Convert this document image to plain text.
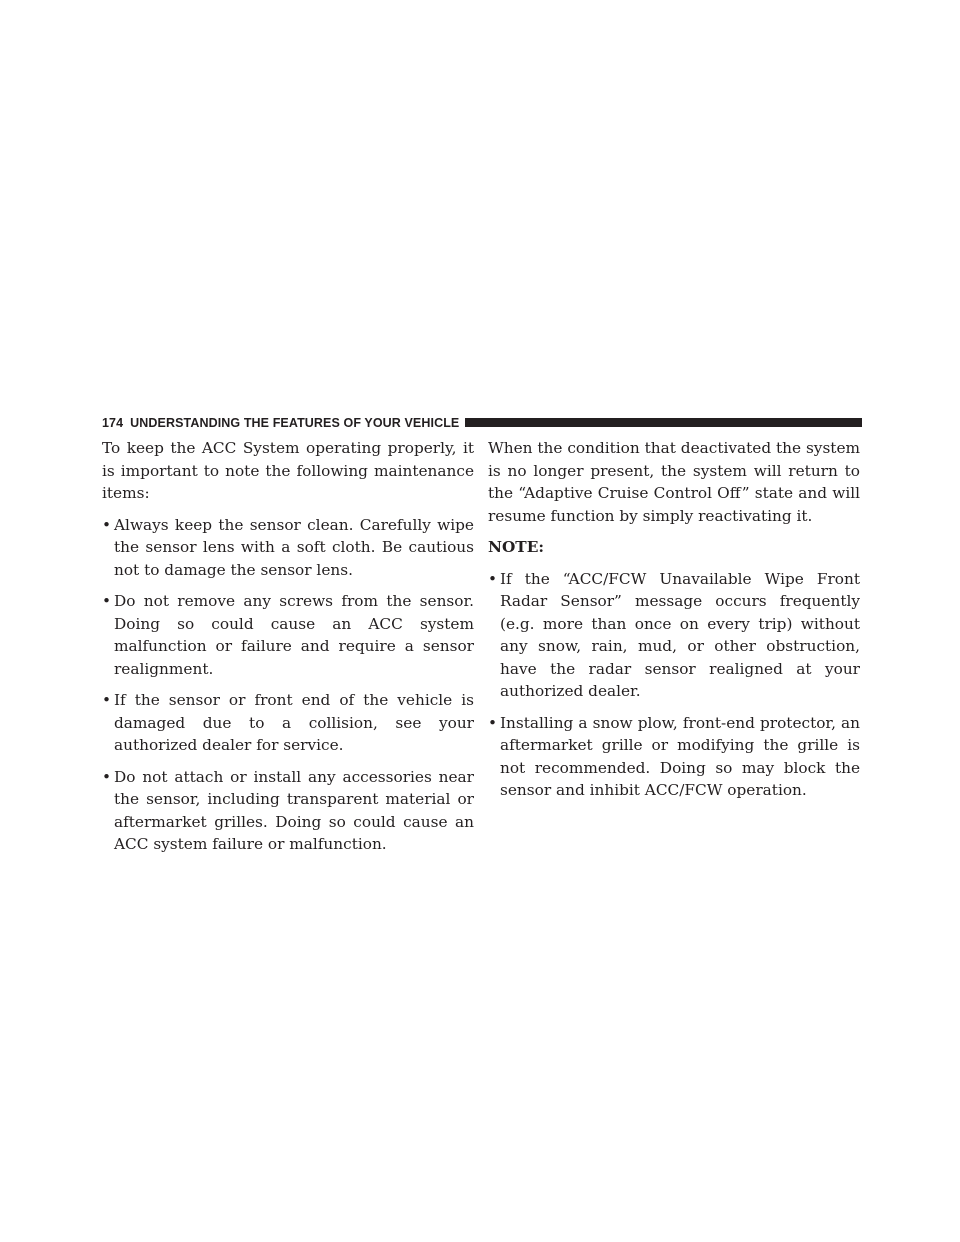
174 UNDERSTANDING THE FEATURES OF YOUR VEHICLE

To keep the ACC System operating properly, it is important to note the following maintenance items:

• Always keep the sensor clean. Carefully wipe the sensor lens with a soft cloth. Be cautious not to damage the sensor lens.
• Do not remove any screws from the sensor. Doing so could cause an ACC system malfunction or failure and require a sensor realignment.
• If the sensor or front end of the vehicle is damaged due to a collision, see your authorized dealer for service.
• Do not attach or install any accessories near the sensor, including transparent material or aftermarket grilles. Doing so could cause an ACC system failure or malfunction.

When the condition that deactivated the system is no longer present, the system will return to the “Adaptive Cruise Control Off” state and will resume function by simply reactivating it.

NOTE:
• If the “ACC/FCW Unavailable Wipe Front Radar Sensor” message occurs frequently (e.g. more than once on every trip) without any snow, rain, mud, or other obstruction, have the radar sensor realigned at your authorized dealer.
• Installing a snow plow, front-end protector, an aftermarket grille or modifying the grille is not recommended. Doing so may block the sensor and inhibit ACC/FCW operation.
